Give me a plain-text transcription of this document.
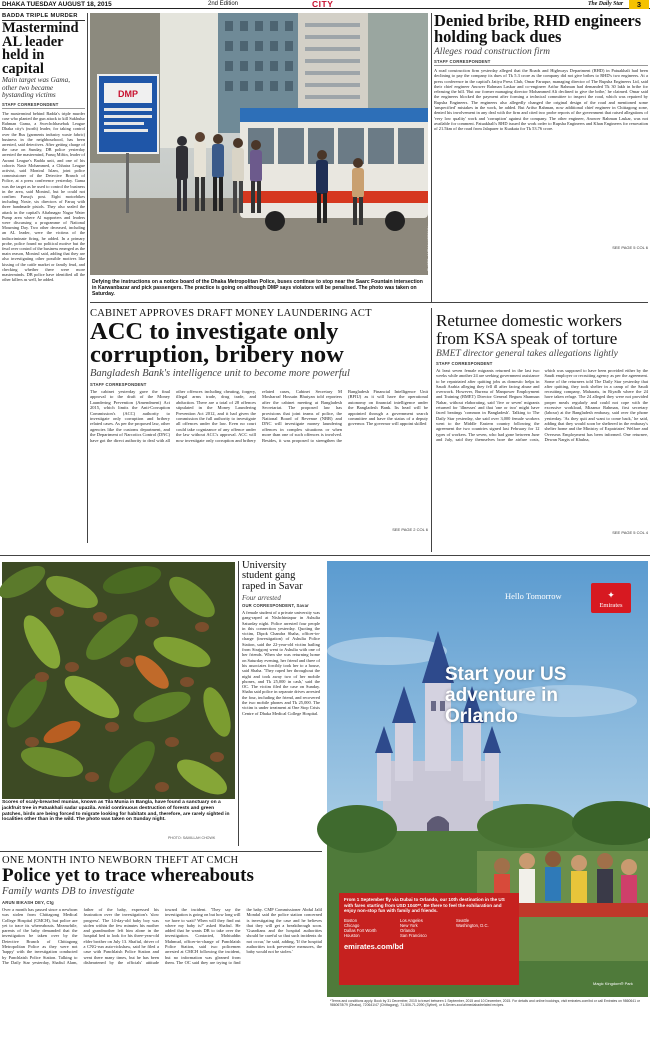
DHAKA TUESDAY AUGUST 18, 2015	2nd Edition	CITY	The Daily Star	3
BADDA TRIPLE MURDER
Mastermind AL leader held in capital
Main target was Gama, other two became bystanding victims
STAFF CORRESPONDENT
The mastermind behind Badda's triple murder case who planted the gun attack to kill Sukhulur Rahman Gama, a Swechchhasebak League Dhaka city's (north) leader, for taking control over the Bus (garments industry waste fabric) business in the neighbourhood, has been arrested, said detectives. After getting charge of the case on Sunday, DB police yesterday arrested the mastermind, Faruq Miftin, leader of Awami League's Badda unit, and one of his cohorts Nasir Mohammed, a Chhatra League activist, said Monirul Islam, joint police commissioner of the Detective Branch of Police, at a press conference yesterday. Gama was the target as he used to control the business in the area, said Monirul, but he could not confirm Faruq's post. Eight motorbikes including Nosie, six directors of Faruq with three handmade pistols. They also sealed the attack in the capital's Aftabnagar Nagar Water Pump area where Al supporters and leaders were discussing a programme of National Mourning Day. Two other deceased, including an AL leader, were the victims of the indiscriminate firing, he added. In a primary probe, police found no political motive but the feud over control of the business emerged as the main reason, Monirul said, adding that they are also investigating other possible motives like kissing of the cattle market or family feud, and checking whether there were more masterminds. DB police have identified all the other killers as well, he added.
DMP
PHOTO: AMRAN HOSSAIN
Defying the instructions on a notice board of the Dhaka Metropolitan Police, buses continue to stop near the Saarc Fountain intersection in Karwanbazar and pick passengers. The practice is going on although DMP says violators will be penalised. The photo was taken on Saturday.
Denied bribe, RHD engineers holding back dues
Alleges road construction firm
STAFF CORRESPONDENT
A road construction firm yesterday alleged that the Roads and Highways Department (RHD) in Patuakhali had been declining to pay the company its dues of Tk 5.3 crore as the company did not give bribes to RHD's two engineers. At a press conference in the capital's Jatiya Press Club, Omar Faruque, managing director of The Rupsha Engineers Ltd, said their chief engineer Anower Rahman Laskar and co-engineer Arifur Rahman had demanded Tk 30 lakh in bribe for releasing the bill. 'But our former managing director Mohammed Ali declined to give the bribe,' he claimed. Omar said the engineers blocked the payment after forming a technical committee to inspect the road, which was repaired by Rupsha Engineers. The engineers also allegedly changed the original design of the road and mentioned some 'unspecified' mistakes in the work, he added. But Arifur Rahman, now additional chief engineer in Chittagong zone, denied his involvement in any deal with the firm and cited two probe reports of the government that raised allegations of 'very low quality' work and 'corruption' against the company. The other engineer, Anower Rahman Laskar, was not available for comment. Patuakhali's RHD issued the work order to Rupsha Engineers and Khan Engineers for renovation of 21.5km of the road from Jalaparer to Kuakata for Tk 53.76 crore.
SEE PAGE 5 COL 6
CABINET APPROVES DRAFT MONEY LAUNDERING ACT
ACC to investigate only corruption, bribery now
Bangladesh Bank's intelligence unit to become more powerful
STAFF CORRESPONDENT
The cabinet yesterday gave the final approval to the draft of the Money Laundering Prevention (Amendment) Act 2015, which limits the Anti-Corruption Commission's (ACC) authority to investigate only corruption and bribery related cases. As per the proposed law, other agencies like the customs department, and the Department of Narcotics Control (DNC) have got the direct authority to deal with all other offences including cheating, forgery, illegal arms trade, drug trade, and abduction. There are a total of 28 offences stipulated in the Money Laundering Prevention Act 2012, and it had given the commission the full authority to investigate all offences under the law. Even no court could take cognizance of any offence under the law without ACC's approval. ACC will now investigate only corruption and bribery related cases, Cabinet Secretary M Mosharraf Hossain Bhuiyan told reporters after the cabinet meeting at Bangladesh Secretariat. The proposed law has provisions that joint teams of police, the National Board of Revenue (NBR) and DNC will investigate money laundering offences in complex situations or when more than one of such offences is involved. Besides, it was proposed to strengthen the Bangladesh Financial Intelligence Unit (BFIU) as it will have the operational autonomy on financial intelligence under the Bangladesh Bank. Its head will be appointed through a government search committee and have the status of a deputy governor. The governor will appoint skilled
SEE PAGE 2 COL 6
Returnee domestic workers from KSA speak of torture
BMET director general takes allegations lightly
STAFF CORRESPONDENT
At least seven female migrants returned in the last two weeks while another 24 are seeking government assistance to be repatriated after quitting jobs as domestic helps in Saudi Arabia alleging they fell ill after facing abuse and overwork. However, Bureau of Manpower Employment and Training (BMET) Director General Begum Shamsun Nahar, without elaborating, said 'five or seven' migrants returned for 'illnesses' and that 'one or two' might have faced beatings 'common in Bangladesh'. Talking to The Daily Star yesterday, she said over 3,000 female workers went to the Middle Eastern country following the agreement the two countries signed last February for 12 types of workers. The seven, who had gone between June and July, said they themselves bore the airfare costs, which was supposed to have been provided either by the Saudi employer or recruiting agency as per the agreement. Some of the returnees told The Daily Star yesterday that after quitting, they took shelter in a camp of the Saudi recruiting company, Maharats, in Riyadh where the 24 have taken refuge. The 24 alleged they were not provided proper meals regularly and could not cope with the excessive workload, Mizanur Rahman, first secretary (labour) at the Bangladesh embassy, said over the phone yesterday. 'As they quit and want to come back,' he said, adding that they would soon be sheltered in the embassy's shelter home and the Ministry of Expatriates' Welfare and Overseas Employment has been informed. One returnee, Dewan Nargis of Khulna,
SEE PAGE 5 COL 4
Scores of scaly-breasted munias, known as Tila Munia in Bangla, have found a sanctuary on a jackfruit tree in Patuakhali sadar upazila. Amid continuous destruction of forests and green patches, birds are being forced to migrate looking for habitats and, therefore, are rarely sighted in localities other than in the wild. The photo was taken on Sunday night.
PHOTO: SAMILLAH CHOWK
University
student gang raped in Savar
Four arrested
OUR CORRESPONDENT, Savar
A female student of a private university was gang-raped at Nishchintapur in Ashulia Saturday night. Police arrested four people in this connection yesterday. Quoting the victim, Dipok Chandra Shaha, officer-in-charge (investigation) of Ashulia Police Station, said the 22-year-old victim hailing from Sirajgonj went to Ashulia with one of her friends. When she was returning home on Saturday evening, her friend and three of his associates forcibly took her to a house, said Shaha. 'They raped her throughout the night and took away two of her mobile phones, and Tk 25,000 in cash,' said the OC. The victim filed the case on Sunday. Shaha said police in separate drives arrested the four, including the friend, and recovered the two mobile phones and Tk 25,000. The victim is under treatment at One Stop Crisis Centre of Dhaka Medical College Hospital.
Hello Tomorrow	✦
Emirates
Start your US adventure in Orlando
From 1 September fly via Dubai to Orlando, our 10th destination in the US with fares starting from USD 1040**. Be there to feel the exhilaration and enjoy non-stop fun with family and friends.
Boston
Chicago
Dallas Fort Worth
Houston
Los Angeles
New York
Orlando
San Francisco
Seattle
Washington, D.C.
emirates.com/bd
Magic Kingdom® Park
*Terms and conditions apply. Book by 31 December, 2015 to travel between 1 September, 2015 and 10 December, 2015. For details and online bookings, visit emirates.com/bd or call Emirates on 9860641 or 9860678/79 (Dhaka), 720641/47 (Chittagong), 71-506-71-2090 (Sylhet), or 6-Seven-zoo/ahmedabadrelated recipes.
ONE MONTH INTO NEWBORN THEFT AT CMCH
Police yet to trace whereabouts
Family wants DB to investigate
ARUN BIKASH DEY, Ctg
Over a month has passed since a newborn was stolen from Chittagong Medical College Hospital (CMCH), but police are yet to trace its whereabouts. Meanwhile, parents of the baby demanded that the investigation be taken over by the Detective Branch of Chittagong Metropolitan Police as they were not 'happy' with the investigation conducted by Panchlaish Police Station. Talking to The Daily Star yesterday, Shafiul Alam, father of the baby, expressed his frustration over the investigation's 'slow progress'. The 14-day-old baby boy was stolen within the few minutes his mother and grandmother left him alone in the hospital bed to look for his three-year-old elder brother on July 13. Shafiul, driver of a CNG-run auto-rickshaw, said he filed a case with Panchlaish Police Station and went there many times, but he has been disheartened by the officials' attitude toward the incident. 'They say the investigation is going on but how long will we have to wait? When will they find out where my baby is?' asked Shafiul. He added that he wants DB to take over the investigation. Contacted, Mohiuddin Mahmud, officer-in-charge of Panchlaish Police Station, said two policemen arrested at CMCH following the incident, but no information was gleaned from them. The OC said they are trying to find the baby. CMP Commissioner Abdul Jalil Mondal said the police station concerned is investigating the case and he believes that they will get a breakthrough soon. 'Guardians and the hospital authorities should be careful so that such incidents do not occur,' he said, adding, 'If the hospital authorities took preventive measures, the baby would not be stolen.'
